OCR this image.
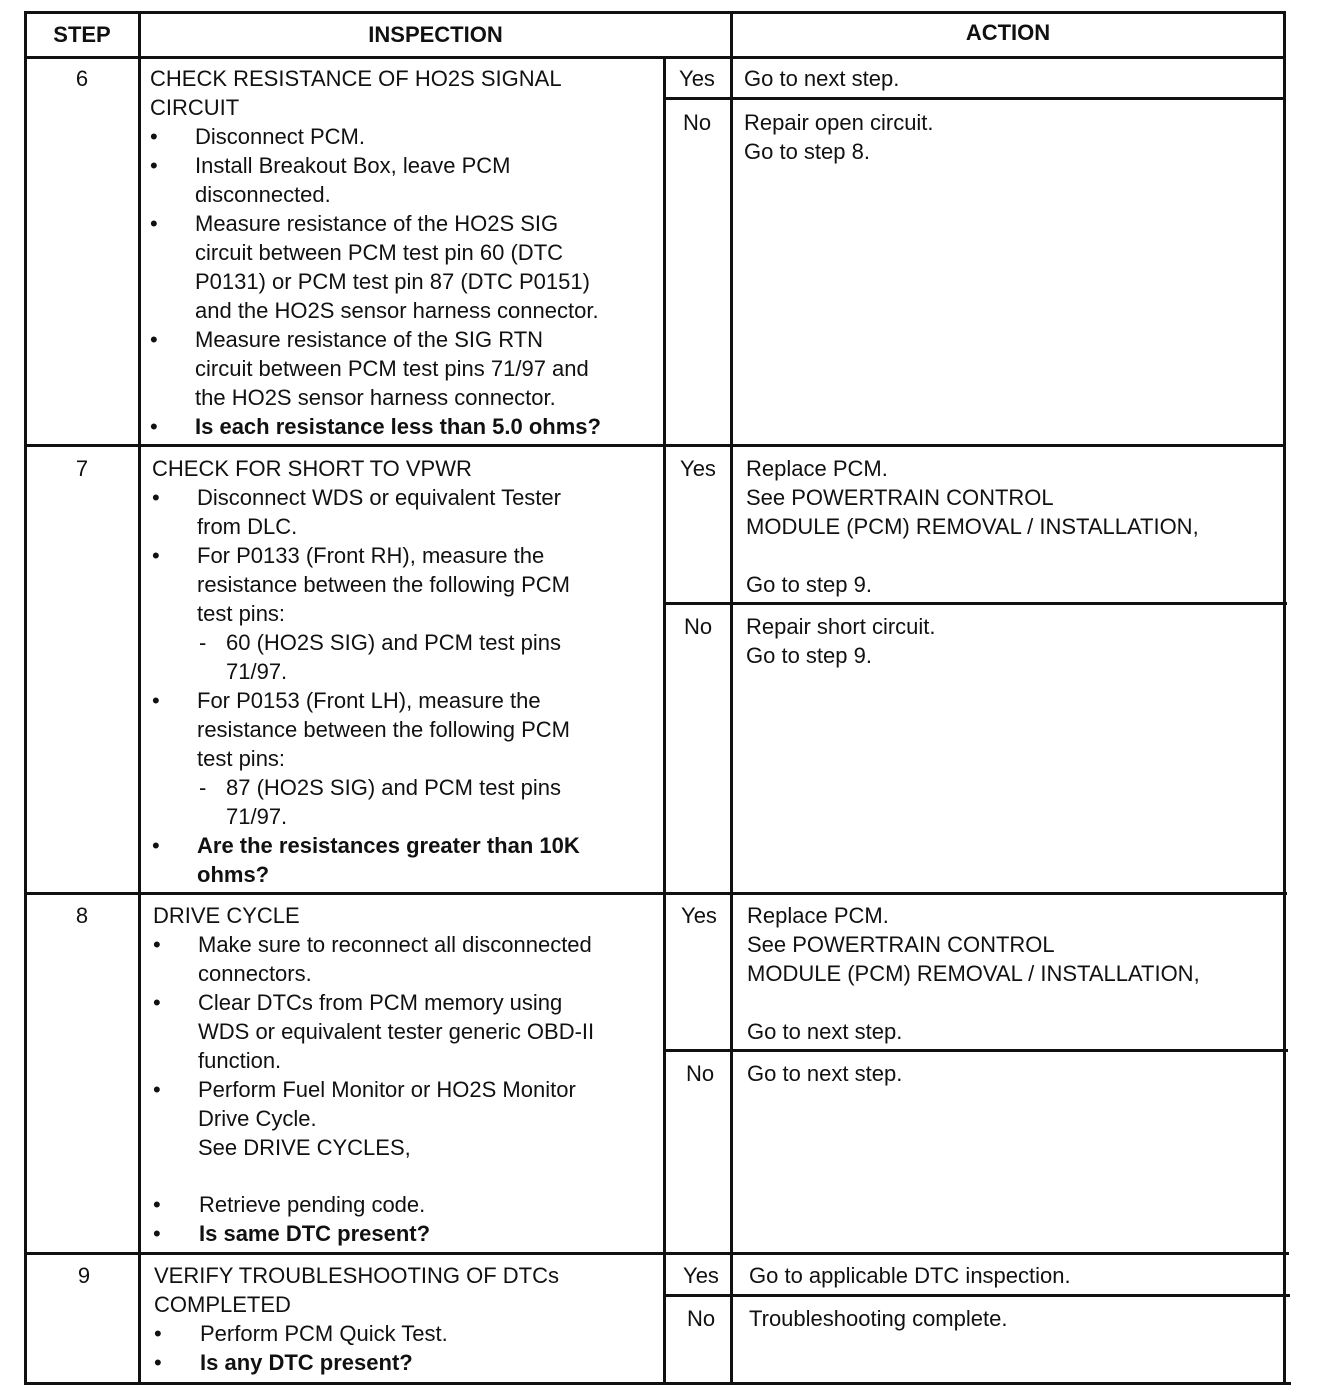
STEP	INSPECTION	ACTION
6	CHECK RESISTANCE OF HO2S SIGNAL
CIRCUIT
• Disconnect PCM.
• Install Breakout Box, leave PCM
disconnected.
• Measure resistance of the HO2S SIG
circuit between PCM test pin 60 (DTC
P0131) or PCM test pin 87 (DTC P0151)
and the HO2S sensor harness connector.
• Measure resistance of the SIG RTN
circuit between PCM test pins 71/97 and
the HO2S sensor harness connector.
• Is each resistance less than 5.0 ohms?
Yes	Go to next step.
No	Repair open circuit.
Go to step 8.
7	CHECK FOR SHORT TO VPWR
• Disconnect WDS or equivalent Tester
from DLC.
• For P0133 (Front RH), measure the
resistance between the following PCM
test pins:
- 60 (HO2S SIG) and PCM test pins
71/97.
• For P0153 (Front LH), measure the
resistance between the following PCM
test pins:
- 87 (HO2S SIG) and PCM test pins
71/97.
• Are the resistances greater than 10K
ohms?
Yes	Replace PCM.
See POWERTRAIN CONTROL
MODULE (PCM) REMOVAL / INSTALLATION,
Go to step 9.
No	Repair short circuit.
Go to step 9.
8	DRIVE CYCLE
• Make sure to reconnect all disconnected
connectors.
• Clear DTCs from PCM memory using
WDS or equivalent tester generic OBD-II
function.
• Perform Fuel Monitor or HO2S Monitor
Drive Cycle.
See DRIVE CYCLES,
• Retrieve pending code.
• Is same DTC present?
Yes	Replace PCM.
See POWERTRAIN CONTROL
MODULE (PCM) REMOVAL / INSTALLATION,
Go to next step.
No	Go to next step.
9	VERIFY TROUBLESHOOTING OF DTCs
COMPLETED
• Perform PCM Quick Test.
• Is any DTC present?
Yes	Go to applicable DTC inspection.
No	Troubleshooting complete.
